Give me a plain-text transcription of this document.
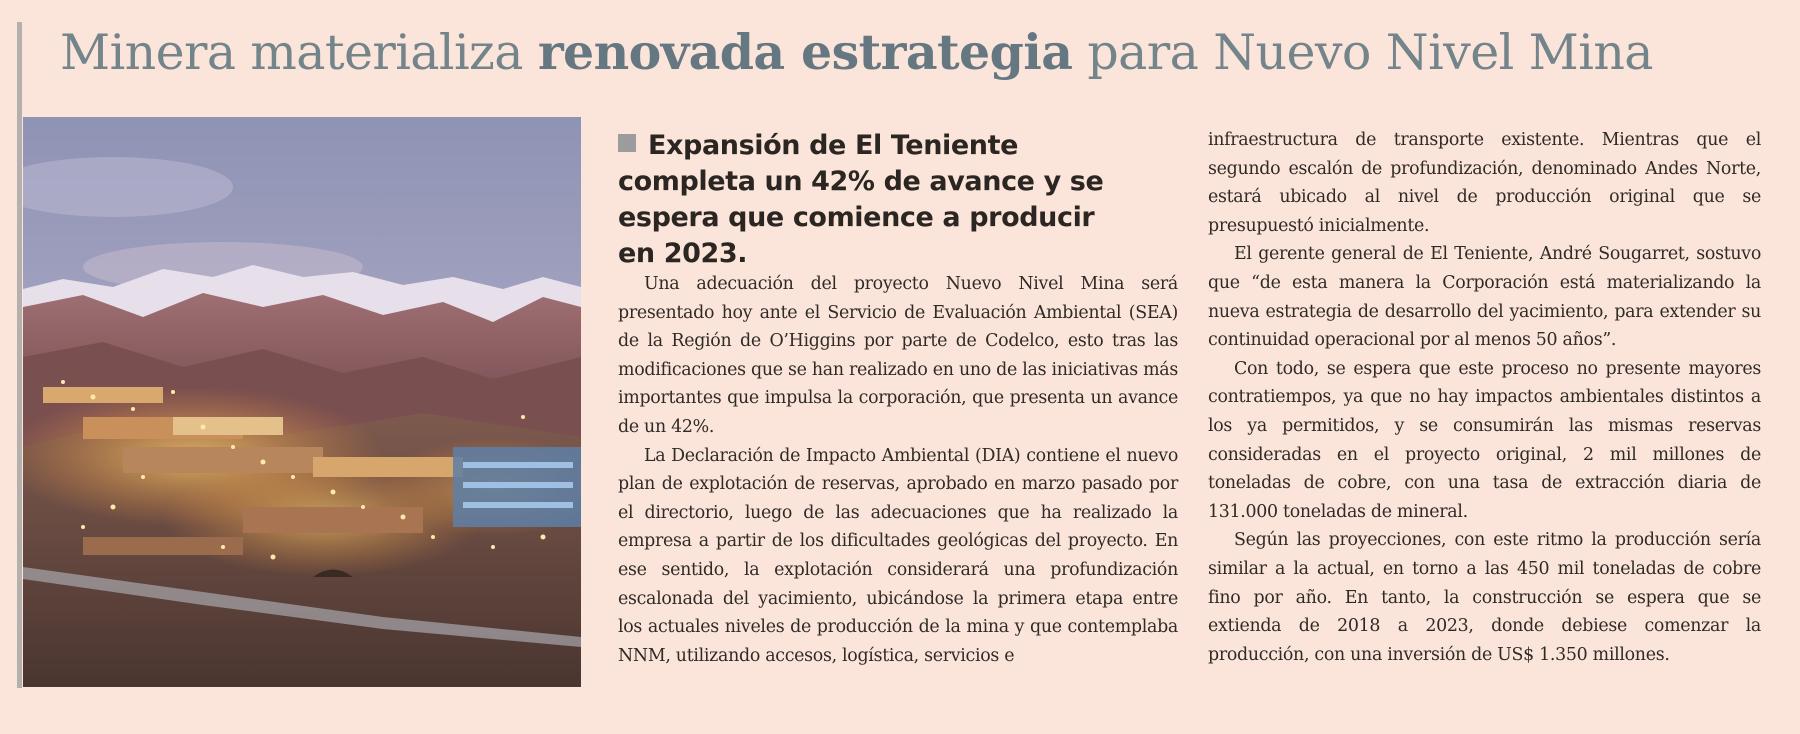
Minera materializa renovada estrategia para Nuevo Nivel Mina
Expansión de El Teniente completa un 42% de avance y se espera que comience a producir en 2023.

Una adecuación del proyecto Nuevo Nivel Mina será presentado hoy ante el Servicio de Evaluación Ambiental (SEA) de la Región de O’Higgins por parte de Codelco, esto tras las modificaciones que se han realizado en uno de las iniciativas más importantes que impulsa la corporación, que presenta un avance de un 42%.

La Declaración de Impacto Ambiental (DIA) contiene el nuevo plan de explotación de reservas, aprobado en marzo pasado por el directorio, luego de las adecuaciones que ha realizado la empresa a partir de los dificultades geológicas del proyecto. En ese sentido, la explotación considerará una profundización escalonada del yacimiento, ubicándose la primera etapa entre los actuales niveles de producción de la mina y que contemplaba NNM, utilizando accesos, logística, servicios e

infraestructura de transporte existente. Mientras que el segundo escalón de profundización, denominado Andes Norte, estará ubicado al nivel de producción original que se presupuestó inicialmente.

El gerente general de El Teniente, André Sougarret, sostuvo que “de esta manera la Corporación está materializando la nueva estrategia de desarrollo del yacimiento, para extender su continuidad operacional por al menos 50 años”.

Con todo, se espera que este proceso no presente mayores contratiempos, ya que no hay impactos ambientales distintos a los ya permitidos, y se consumirán las mismas reservas consideradas en el proyecto original, 2 mil millones de toneladas de cobre, con una tasa de extracción diaria de 131.000 toneladas de mineral.

Según las proyecciones, con este ritmo la producción sería similar a la actual, en torno a las 450 mil toneladas de cobre fino por año. En tanto, la construcción se espera que se extienda de 2018 a 2023, donde debiese comenzar la producción, con una inversión de US$ 1.350 millones.
